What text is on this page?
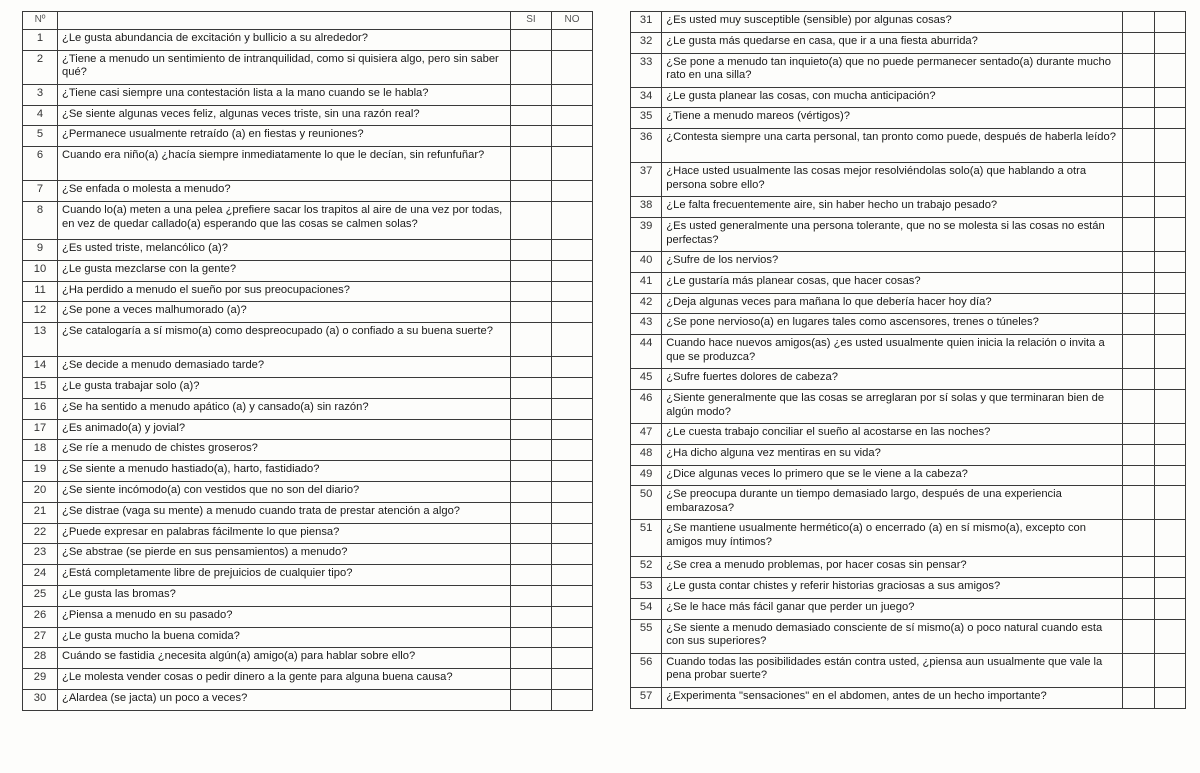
Nº		SI	NO
1	¿Le gusta abundancia de excitación y bullicio a su alrededor?		
2	¿Tiene a menudo un sentimiento de intranquilidad, como si quisiera algo, pero sin saber qué?		
3	¿Tiene casi siempre una contestación lista a la mano cuando se le habla?		
4	¿Se siente algunas veces feliz, algunas veces triste, sin una razón real?		
5	¿Permanece usualmente retraído (a) en fiestas y reuniones?		
6	Cuando era niño(a) ¿hacía siempre inmediatamente lo que le decían, sin refunfuñar?		
7	¿Se enfada o molesta a menudo?		
8	Cuando lo(a) meten a una pelea ¿prefiere sacar los trapitos al aire de una vez por todas, en vez de quedar callado(a) esperando que las cosas se calmen solas?		
9	¿Es usted triste, melancólico (a)?		
10	¿Le gusta mezclarse con la gente?		
11	¿Ha perdido a menudo el sueño por sus preocupaciones?		
12	¿Se pone a veces malhumorado (a)?		
13	¿Se catalogaría a sí mismo(a) como despreocupado (a) o confiado a su buena suerte?		
14	¿Se decide a menudo demasiado tarde?		
15	¿Le gusta trabajar solo (a)?		
16	¿Se ha sentido a menudo apático (a) y cansado(a) sin razón?		
17	¿Es animado(a) y jovial?		
18	¿Se ríe a menudo de chistes groseros?		
19	¿Se siente a menudo hastiado(a), harto, fastidiado?		
20	¿Se siente incómodo(a) con vestidos que no son del diario?		
21	¿Se distrae (vaga su mente) a menudo cuando trata de prestar atención a algo?		
22	¿Puede expresar en palabras fácilmente lo que piensa?		
23	¿Se abstrae (se pierde en sus pensamientos) a menudo?		
24	¿Está completamente libre de prejuicios de cualquier tipo?		
25	¿Le gusta las bromas?		
26	¿Piensa a menudo en su pasado?		
27	¿Le gusta mucho la buena comida?		
28	Cuándo se fastidia ¿necesita algún(a) amigo(a) para hablar sobre ello?		
29	¿Le molesta vender cosas o pedir dinero a la gente para alguna buena causa?		
30	¿Alardea (se jacta) un poco a veces?		
31	¿Es usted muy susceptible (sensible) por algunas cosas?		
32	¿Le gusta más quedarse en casa, que ir a una fiesta aburrida?		
33	¿Se pone a menudo tan inquieto(a) que no puede permanecer sentado(a) durante mucho rato en una silla?		
34	¿Le gusta planear las cosas, con mucha anticipación?		
35	¿Tiene a menudo mareos (vértigos)?		
36	¿Contesta siempre una carta personal, tan pronto como puede, después de haberla leído?		
37	¿Hace usted usualmente las cosas mejor resolviéndolas solo(a) que hablando a otra persona sobre ello?		
38	¿Le falta frecuentemente aire, sin haber hecho un trabajo pesado?		
39	¿Es usted generalmente una persona tolerante, que no se molesta si las cosas no están perfectas?		
40	¿Sufre de los nervios?		
41	¿Le gustaría más planear cosas, que hacer cosas?		
42	¿Deja algunas veces para mañana lo que debería hacer hoy día?		
43	¿Se pone nervioso(a) en lugares tales como ascensores, trenes o túneles?		
44	Cuando hace nuevos amigos(as) ¿es usted usualmente quien inicia la relación o invita a que se produzca?		
45	¿Sufre fuertes dolores de cabeza?		
46	¿Siente generalmente que las cosas se arreglaran por sí solas y que terminaran bien de algún modo?		
47	¿Le cuesta trabajo conciliar el sueño al acostarse en las noches?		
48	¿Ha dicho alguna vez mentiras en su vida?		
49	¿Dice algunas veces lo primero que se le viene a la cabeza?		
50	¿Se preocupa durante un tiempo demasiado largo, después de una experiencia embarazosa?		
51	¿Se mantiene usualmente hermético(a) o encerrado (a) en sí mismo(a), excepto con amigos muy íntimos?		
52	¿Se crea a menudo problemas, por hacer cosas sin pensar?		
53	¿Le gusta contar chistes y referir historias graciosas a sus amigos?		
54	¿Se le hace más fácil ganar que perder un juego?		
55	¿Se siente a menudo demasiado consciente de sí mismo(a) o poco natural cuando esta con sus superiores?		
56	Cuando todas las posibilidades están contra usted, ¿piensa aun usualmente que vale la pena probar suerte?		
57	¿Experimenta "sensaciones" en el abdomen, antes de un hecho importante?		
